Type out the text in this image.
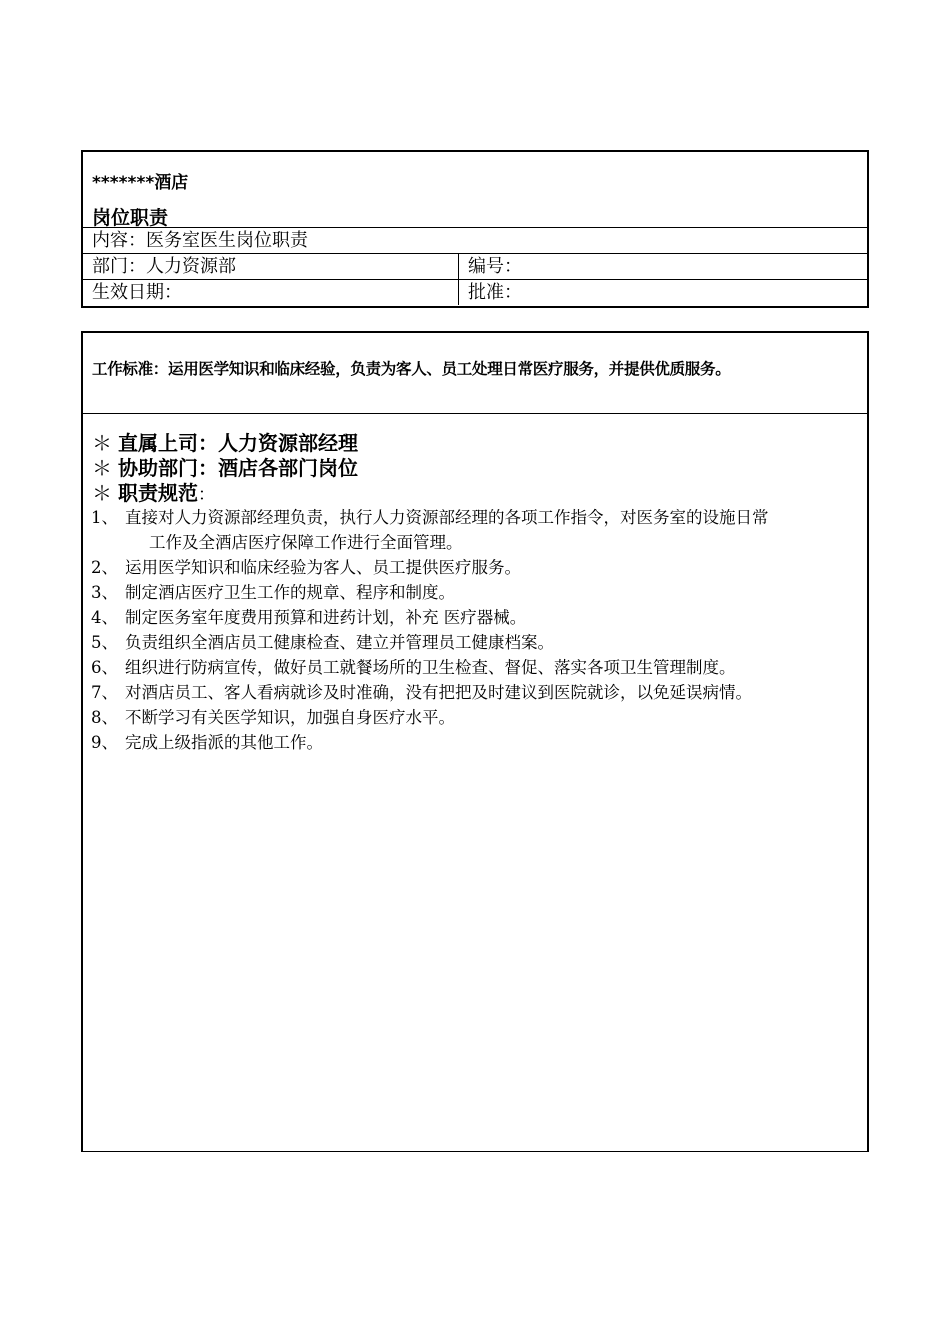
*******酒店
岗位职责
内容：医务室医生岗位职责
部门：人力资源部	编号：
生效日期：	批准：
工作标准：运用医学知识和临床经验，负责为客人、员工处理日常医疗服务，并提供优质服务。
＊ 直属上司：人力资源部经理
＊ 协助部门：酒店各部门岗位
＊ 职责规范：
1、 直接对人力资源部经理负责，执行人力资源部经理的各项工作指令，对医务室的设施日常
工作及全酒店医疗保障工作进行全面管理。
2、 运用医学知识和临床经验为客人、员工提供医疗服务。
3、 制定酒店医疗卫生工作的规章、程序和制度。
4、 制定医务室年度费用预算和进药计划，补充 医疗器械。
5、 负责组织全酒店员工健康检查、建立并管理员工健康档案。
6、 组织进行防病宣传，做好员工就餐场所的卫生检查、督促、落实各项卫生管理制度。
7、 对酒店员工、客人看病就诊及时准确，没有把把及时建议到医院就诊，以免延误病情。
8、 不断学习有关医学知识，加强自身医疗水平。
9、 完成上级指派的其他工作。
